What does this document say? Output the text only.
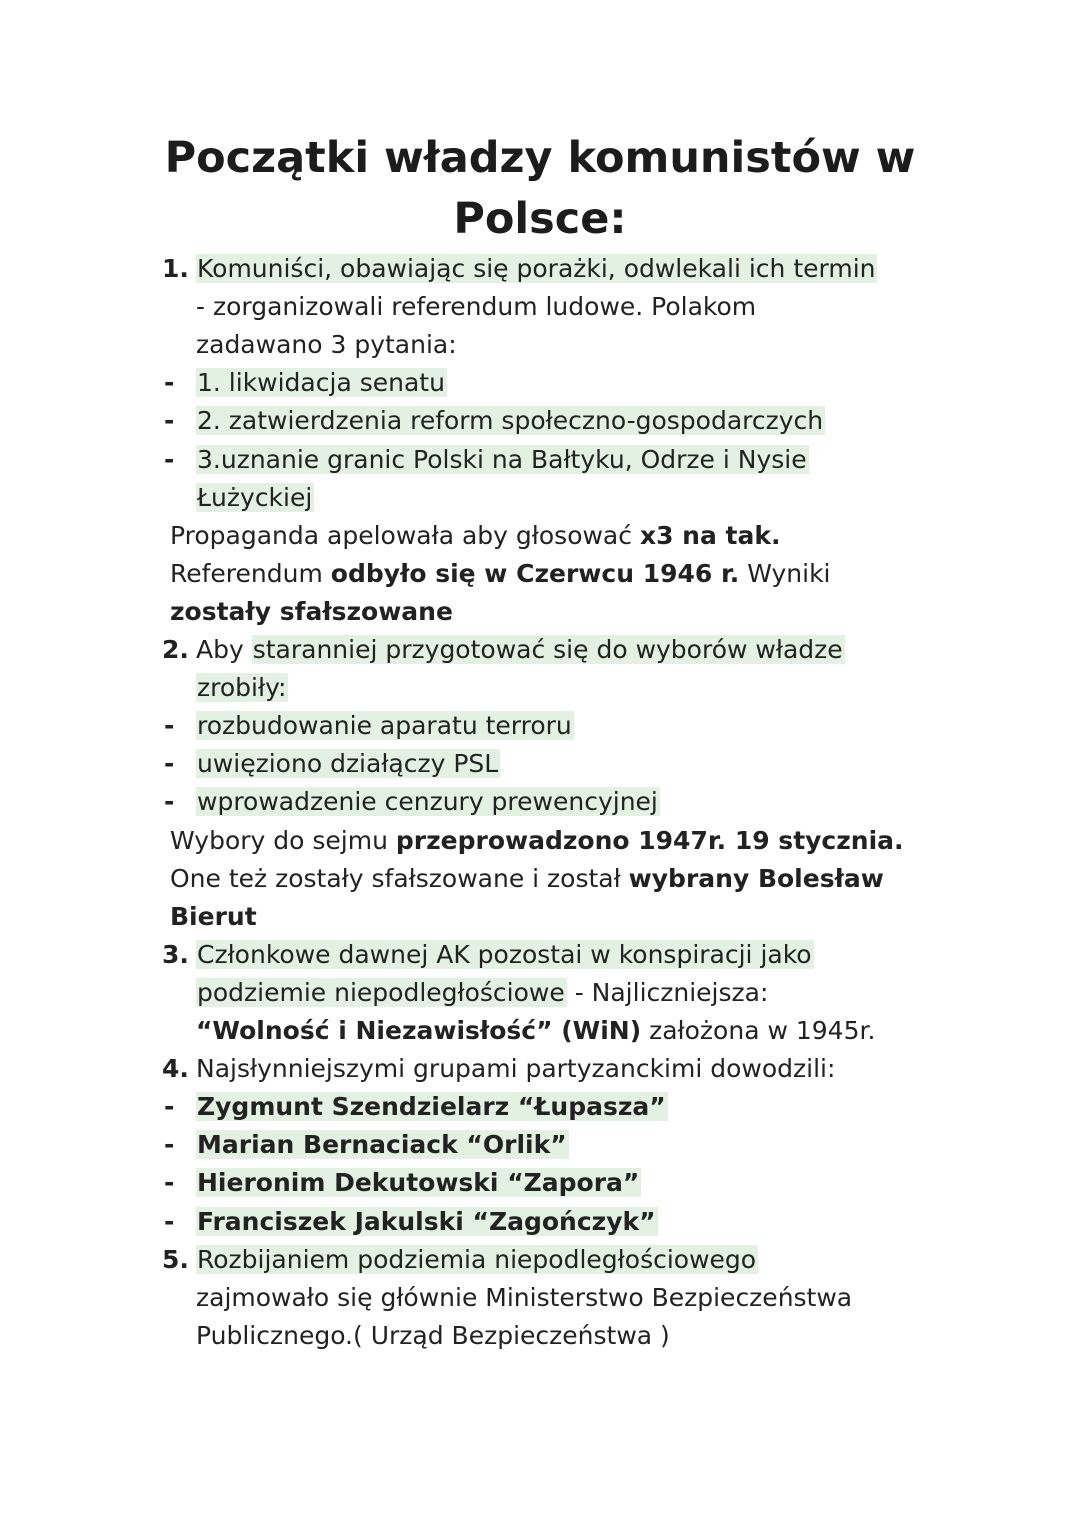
Początki władzy komunistów w
Polsce:
1. Komuniści, obawiając się porażki, odwlekali ich termin
- zorganizowali referendum ludowe. Polakom
zadawano 3 pytania:
- 1. likwidacja senatu
- 2. zatwierdzenia reform społeczno-gospodarczych
- 3.uznanie granic Polski na Bałtyku, Odrze i Nysie
Łużyckiej
Propaganda apelowała aby głosować x3 na tak.
Referendum odbyło się w Czerwcu 1946 r. Wyniki
zostały sfałszowane
2. Aby staranniej przygotować się do wyborów władze
zrobiły:
- rozbudowanie aparatu terroru
- uwięziono działączy PSL
- wprowadzenie cenzury prewencyjnej
Wybory do sejmu przeprowadzono 1947r. 19 stycznia.
One też zostały sfałszowane i został wybrany Bolesław
Bierut
3. Członkowe dawnej AK pozostai w konspiracji jako
podziemie niepodległościowe - Najliczniejsza:
“Wolność i Niezawisłość” (WiN) założona w 1945r.
4. Najsłynniejszymi grupami partyzanckimi dowodzili:
- Zygmunt Szendzielarz “Łupasza”
- Marian Bernaciack “Orlik”
- Hieronim Dekutowski “Zapora”
- Franciszek Jakulski “Zagończyk”
5. Rozbijaniem podziemia niepodległościowego
zajmowało się głównie Ministerstwo Bezpieczeństwa
Publicznego.( Urząd Bezpieczeństwa )
